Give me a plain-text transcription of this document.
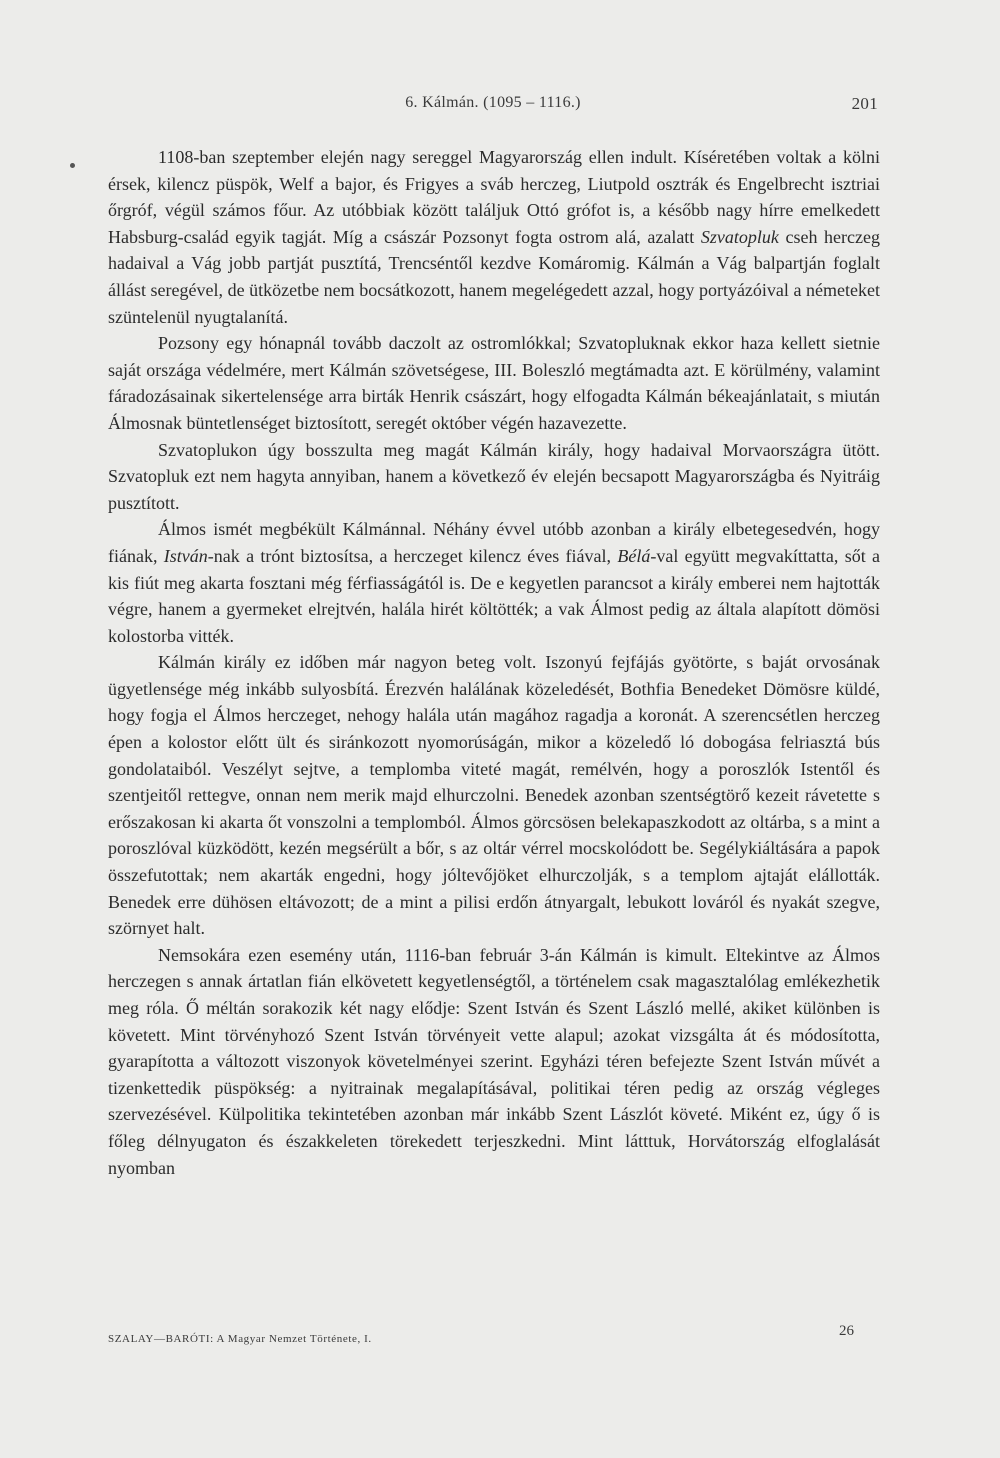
6. Kálmán. (1095 – 1116.)	201

1108-ban szeptember elején nagy sereggel Magyarország ellen indult. Kíséretében voltak a kölni érsek, kilencz püspök, Welf a bajor, és Frigyes a sváb herczeg, Liutpold osztrák és Engelbrecht isztriai őrgróf, végül számos főur. Az utóbbiak között találjuk Ottó grófot is, a később nagy hírre emelkedett Habsburg-család egyik tagját. Míg a császár Pozsonyt fogta ostrom alá, azalatt Szvatopluk cseh herczeg hadaival a Vág jobb partját pusztítá, Trencséntől kezdve Komáromig. Kálmán a Vág balpartján foglalt állást seregével, de ütközetbe nem bocsátkozott, hanem megelégedett azzal, hogy portyázóival a németeket szüntelenül nyugtalanítá.

Pozsony egy hónapnál tovább daczolt az ostromlókkal; Szvatopluknak ekkor haza kellett sietnie saját országa védelmére, mert Kálmán szövetségese, III. Boleszló megtámadta azt. E körülmény, valamint fáradozásainak sikertelensége arra birták Henrik császárt, hogy elfogadta Kálmán békeajánlatait, s miután Álmosnak büntetlenséget biztosított, seregét október végén hazavezette.

Szvatoplukon úgy bosszulta meg magát Kálmán király, hogy hadaival Morvaországra ütött. Szvatopluk ezt nem hagyta annyiban, hanem a következő év elején becsapott Magyarországba és Nyitráig pusztított.

Álmos ismét megbékült Kálmánnal. Néhány évvel utóbb azonban a király elbetegesedvén, hogy fiának, István-nak a trónt biztosítsa, a herczeget kilencz éves fiával, Bélá-val együtt megvakíttatta, sőt a kis fiút meg akarta fosztani még férfiasságától is. De e kegyetlen parancsot a király emberei nem hajtották végre, hanem a gyermeket elrejtvén, halála hirét költötték; a vak Álmost pedig az általa alapított dömösi kolostorba vitték.

Kálmán király ez időben már nagyon beteg volt. Iszonyú fejfájás gyötörte, s baját orvosának ügyetlensége még inkább sulyosbítá. Érezvén halálának közeledését, Bothfia Benedeket Dömösre küldé, hogy fogja el Álmos herczeget, nehogy halála után magához ragadja a koronát. A szerencsétlen herczeg épen a kolostor előtt ült és siránkozott nyomorúságán, mikor a közeledő ló dobogása felriasztá bús gondolataiból. Veszélyt sejtve, a templomba viteté magát, remélvén, hogy a poroszlók Istentől és szentjeitől rettegve, onnan nem merik majd elhurczolni. Benedek azonban szentségtörő kezeit rávetette s erőszakosan ki akarta őt vonszolni a templomból. Álmos görcsösen belekapaszkodott az oltárba, s a mint a poroszlóval küzködött, kezén megsérült a bőr, s az oltár vérrel mocskolódott be. Segélykiáltására a papok összefutottak; nem akarták engedni, hogy jóltevőjöket elhurczolják, s a templom ajtaját elállották. Benedek erre dühösen eltávozott; de a mint a pilisi erdőn átnyargalt, lebukott lováról és nyakát szegve, szörnyet halt.

Nemsokára ezen esemény után, 1116-ban február 3-án Kálmán is kimult. Eltekintve az Álmos herczegen s annak ártatlan fián elkövetett kegyetlenségtől, a történelem csak magasztalólag emlékezhetik meg róla. Ő méltán sorakozik két nagy elődje: Szent István és Szent László mellé, akiket különben is követett. Mint törvényhozó Szent István törvényeit vette alapul; azokat vizsgálta át és módosította, gyarapította a változott viszonyok követelményei szerint. Egyházi téren befejezte Szent István művét a tizenkettedik püspökség: a nyitrainak megalapításával, politikai téren pedig az ország végleges szervezésével. Külpolitika tekintetében azonban már inkább Szent Lászlót követé. Miként ez, úgy ő is főleg délnyugaton és északkeleten törekedett terjeszkedni. Mint látttuk, Horvátország elfoglalását nyomban

SZALAY—BARÓTI: A Magyar Nemzet Története, I.	26
